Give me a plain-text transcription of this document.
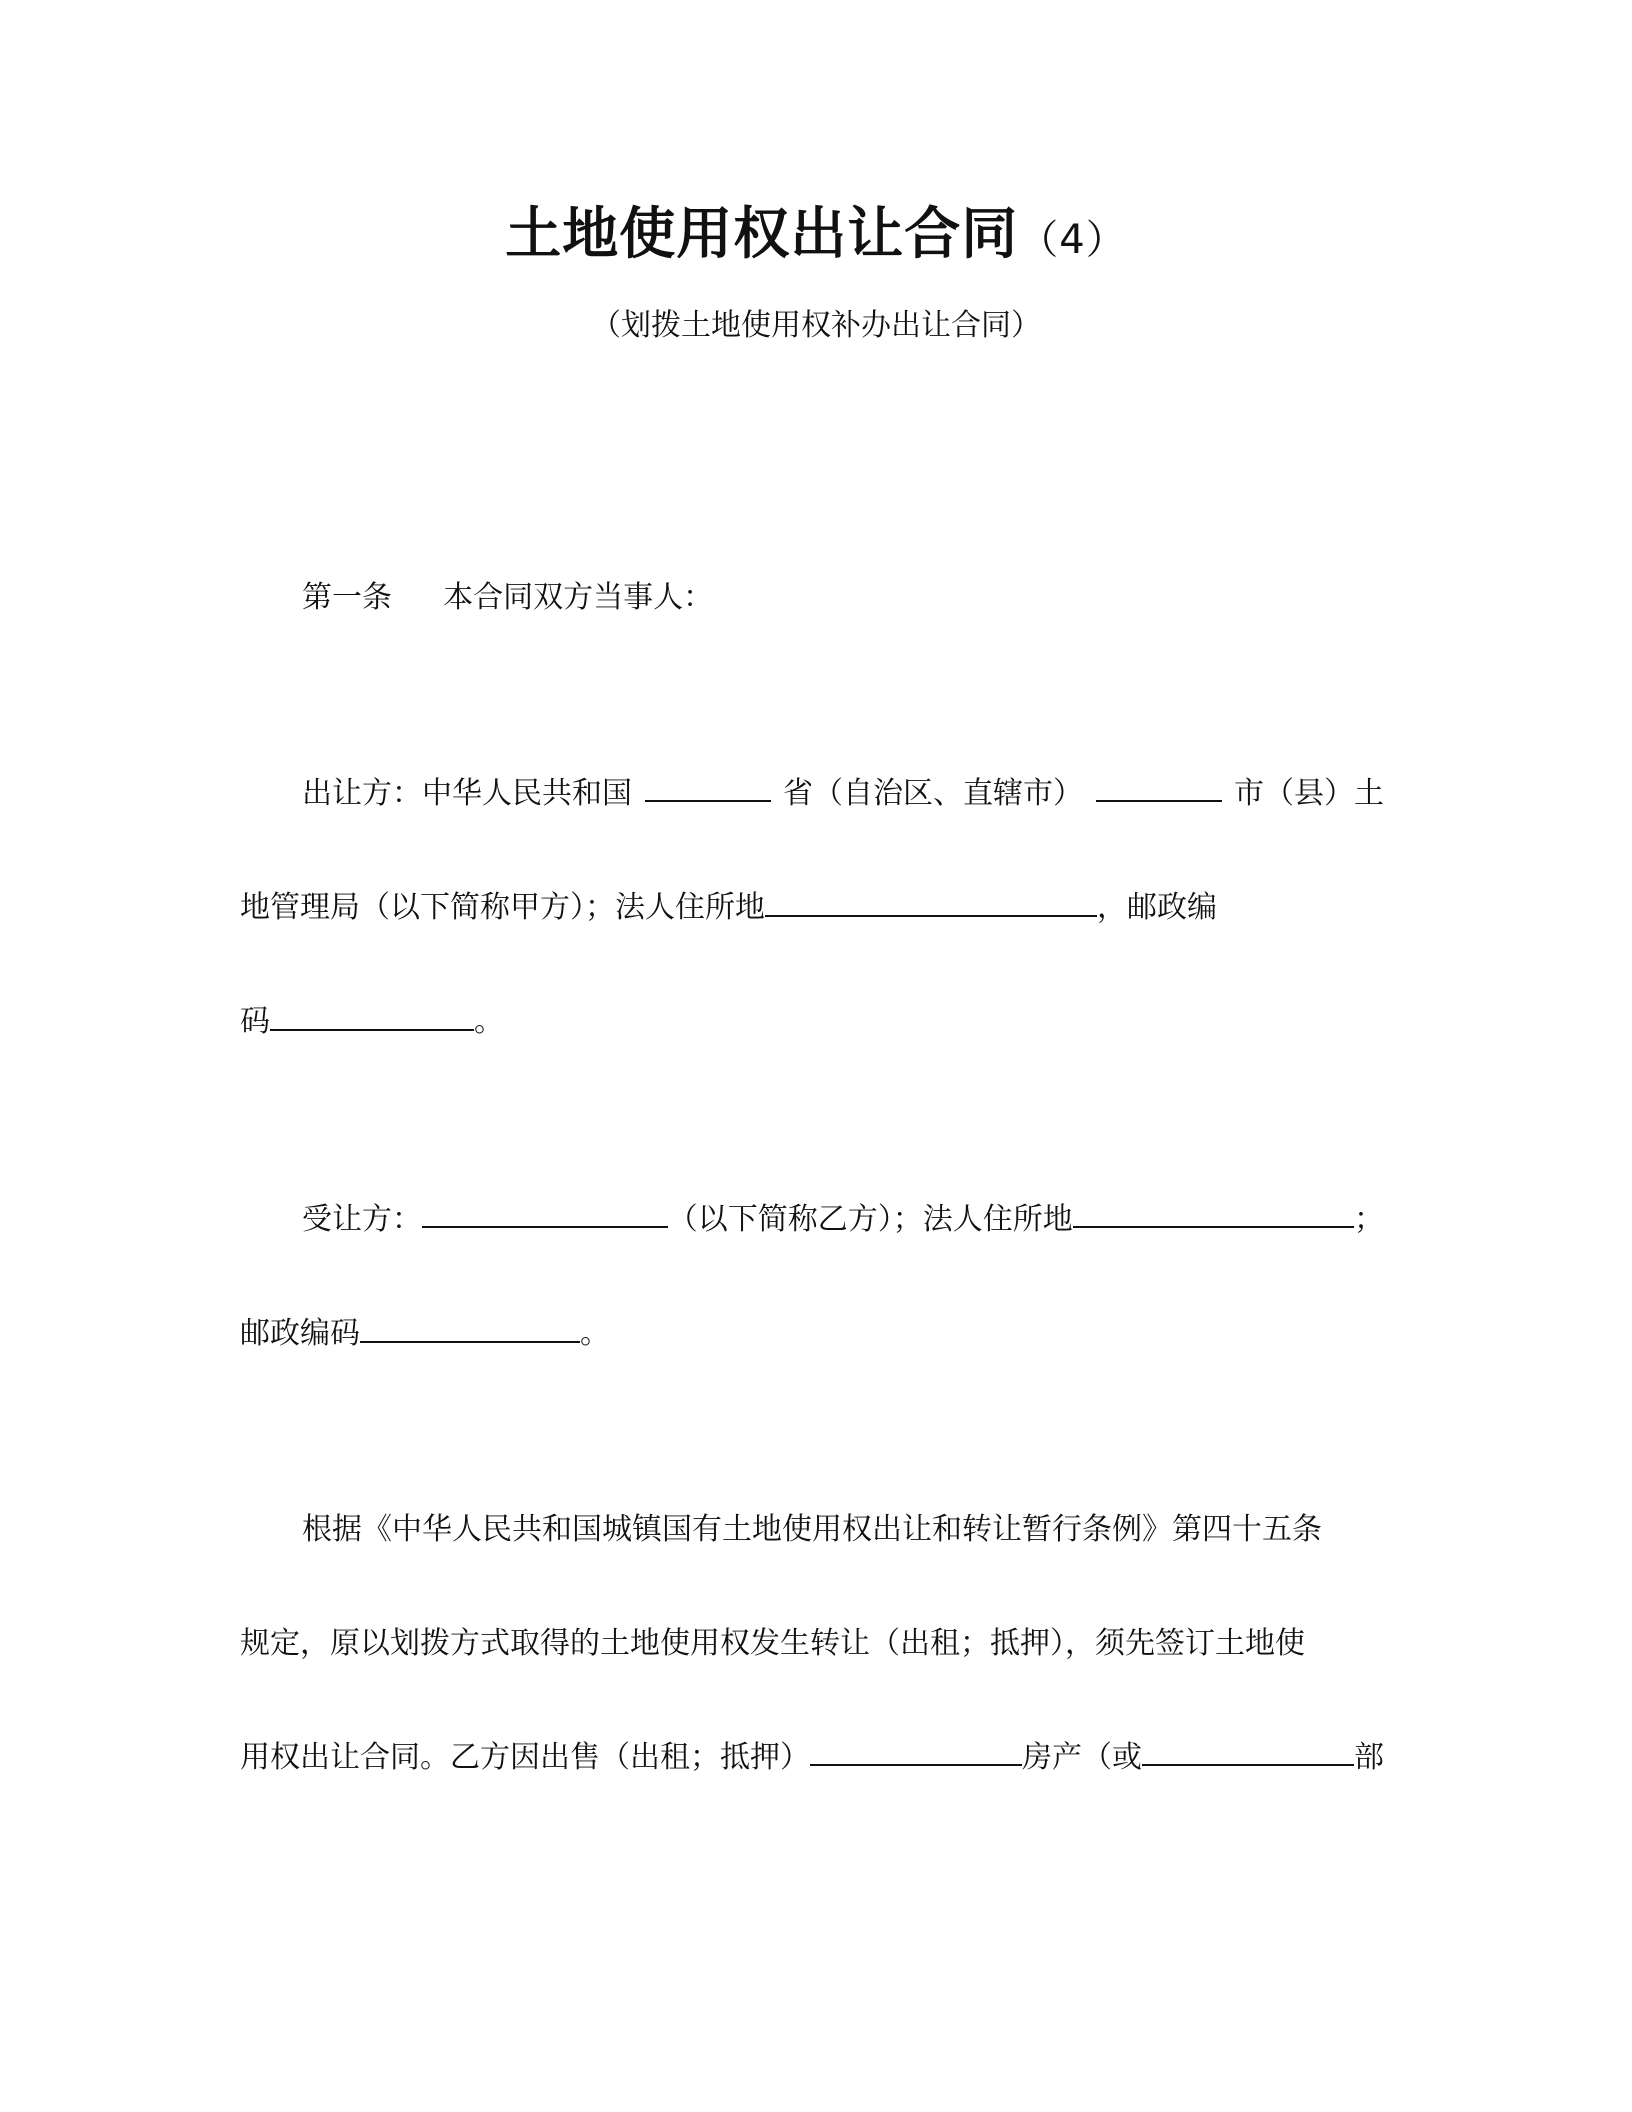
土地使用权出让合同（4）
（划拨土地使用权补办出让合同）
第一条 本合同双方当事人：
出让方：中华人民共和国	省（自治区、直辖市）	市（县）土
地管理局（以下简称甲方）；法人住所地	，邮政编
码	。
受让方：	（以下简称乙方）；法人住所地	；
邮政编码	。
根据《中华人民共和国城镇国有土地使用权出让和转让暂行条例》第四十五条
规定，原以划拨方式取得的土地使用权发生转让（出租；抵押），须先签订土地使
用权出让合同。乙方因出售（出租；抵押）	房产（或	部
